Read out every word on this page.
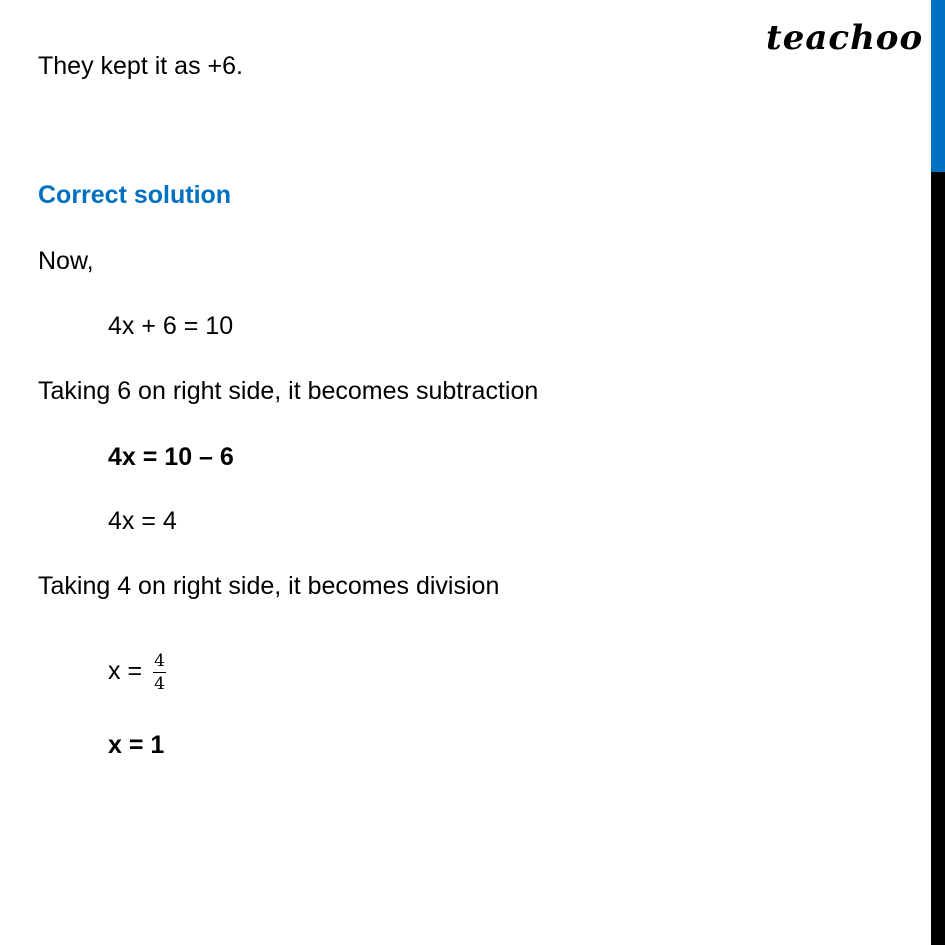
teachoo
They kept it as +6.
Correct solution
Now,
4x + 6 = 10
Taking 6 on right side, it becomes subtraction
4x = 10 – 6
4x = 4
Taking 4 on right side, it becomes division
$x = \frac{4}{4}$
x = 1
